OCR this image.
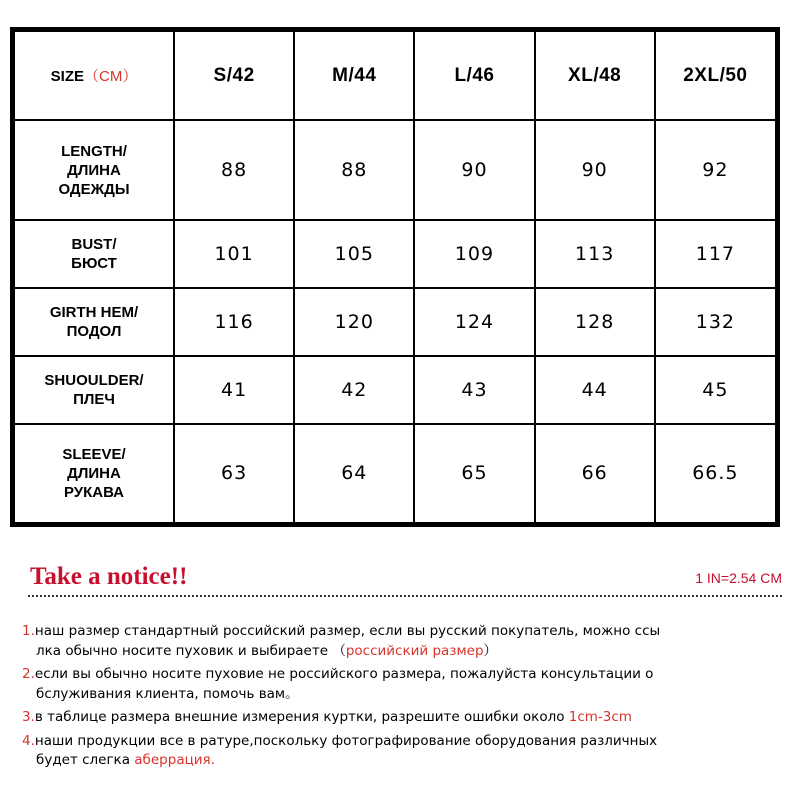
SIZE（CM）	S/42	M/44	L/46	XL/48	2XL/50

LENGTH/
ДЛИНА
ОДЕЖДЫ	88	88	90	90	92

BUST/
БЮСТ	101	105	109	113	117

GIRTH HEM/
ПОДОЛ	116	120	124	128	132

SHUOULDER/
ПЛЕЧ	41	42	43	44	45

SLEEVE/
ДЛИНА
РУКАВА	63	64	65	66	66.5
Take a notice!!	1 IN=2.54 CM
1.наш размер стандартный российский размер, если вы русский покупатель, можно ссы
лка обычно носите пуховик и выбираете （российский размер）
2.если вы обычно носите пуховие не российского размера, пожалуйста консультации о
бслуживания клиента, помочь вам。
3.в таблице размера внешние измерения куртки, разрешите ошибки около 1cm-3cm
4.наши продукции все в ратуре,поскольку фотографирование оборудования различных
будет слегка аберрация.
